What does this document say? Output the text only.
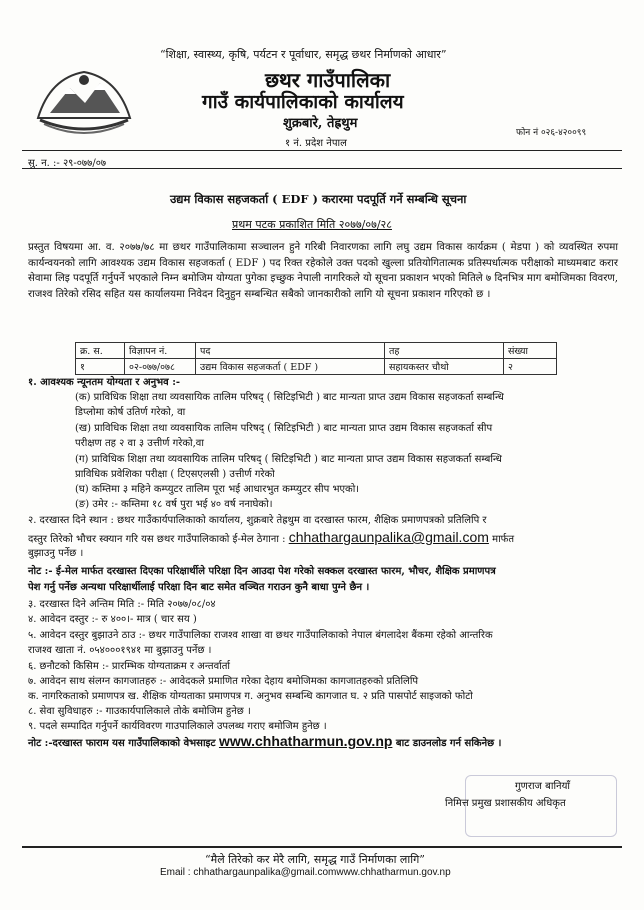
“शिक्षा, स्वास्थ्य, कृषि, पर्यटन र पूर्वाधार, समृद्ध छथर निर्माणको आधार”
छथर गाउँपालिका
गाउँ कार्यपालिकाको कार्यालय
शुक्रबारे, तेह्रथुम
फोन नं ०२६-४२००९९
१ नं. प्रदेश नेपाल
सु. न. :- २९-०७७/०७
उद्यम विकास सहजकर्ता ( EDF ) करारमा पदपूर्ति गर्ने सम्बन्धि सूचना
प्रथम पटक प्रकाशित मिति २०७७/०७/२८
प्रस्तुत विषयमा आ. व. २०७७/७८ मा छथर गाउँपालिकामा सञ्चालन हुने गरिबी निवारणका लागि लघु उद्यम विकास कार्यक्रम ( मेडपा ) को व्यवस्थित रुपमा कार्यन्वयनको लागि आवश्यक उद्यम विकास सहजकर्ता ( EDF ) पद रिक्त रहेकोले उक्त पदको खुल्ला प्रतियोगितात्मक प्रतिस्पर्धात्मक परीक्षाको माध्यमबाट करार सेवामा लिइ पदपूर्ति गर्नुपर्ने भएकाले निम्न बमोजिम योग्यता पुगेका इच्छुक नेपाली नागरिकले यो सूचना प्रकाशन भएको मितिले ७ दिनभित्र माग बमोजिमका विवरण, राजश्व तिरेको रसिद सहित यस कार्यालयमा निवेदन दिनुहुन सम्बन्धित सबैको जानकारीको लागि यो सूचना प्रकाशन गरिएको छ ।
क्र. स.	विज्ञापन नं.	पद	तह	संख्या
१	०२-०७७/०७८	उद्यम विकास सहजकर्ता ( EDF )	सहायकस्तर चौथो	२
१. आवश्यक न्यूनतम योग्यता र अनुभव :-
(क) प्राविधिक शिक्षा तथा व्यवसायिक तालिम परिषद् ( सिटिइभिटी ) बाट मान्यता प्राप्त उद्यम विकास सहजकर्ता सम्बन्धि
डिप्लोमा कोर्ष उतिर्ण गरेको, वा
(ख) प्राविधिक शिक्षा तथा व्यवसायिक तालिम परिषद् ( सिटिइभिटी ) बाट मान्यता प्राप्त उद्यम विकास सहजकर्ता सीप
परीक्षण तह २ वा ३ उत्तीर्ण गरेको,वा
(ग) प्राविधिक शिक्षा तथा व्यवसायिक तालिम परिषद् ( सिटिइभिटी ) बाट मान्यता प्राप्त उद्यम विकास सहजकर्ता सम्बन्धि
प्राविधिक प्रवेशिका परीक्षा ( टिएसएलसी ) उत्तीर्ण गरेको
(घ) कम्तिमा ३ महिने कम्प्युटर तालिम पूरा भई आधारभुत कम्प्युटर सीप भएको।
(ङ) उमेर :- कम्तिमा १८ वर्ष पुरा भई ४० वर्ष ननाघेको।
२. दरखास्त दिने स्थान : छथर गाउँकार्यपालिकाको कार्यालय, शुक्रबारे तेह्रथुम वा दरखास्त फारम, शैक्षिक प्रमाणपत्रको प्रतिलिपि र
दस्तुर तिरेको भौचर स्क्यान गरि यस छथर गाउँपालिकाको ई-मेल ठेगाना : chhathargaunpalika@gmail.com मार्फत
बुझाउनु पर्नेछ ।
नोट :- ई-मेल मार्फत दरखास्त दिएका परिक्षार्थीले परिक्षा दिन आउदा पेश गरेको सक्कल दरखास्त फारम, भौचर, शैक्षिक प्रमाणपत्र
पेश गर्नु पर्नेछ अन्यथा परिक्षार्थीलाई परिक्षा दिन बाट समेत वञ्चित गराउन कुनै बाधा पुग्ने छैन ।
३. दरखास्त दिने अन्तिम मिति :- मिति २०७७/०८/०४
४. आवेदन दस्तुर :- रु ४००।- मात्र ( चार सय )
५. आवेदन दस्तुर बुझाउने ठाउ :- छथर गाउँपालिका राजश्व शाखा वा छथर गाउँपालिकाको नेपाल बंगलादेश बैंकमा रहेको आन्तरिक
राजश्व खाता नं. ०५४०००१९४१ मा बुझाउनु पर्नेछ ।
६. छनौटको किसिम :- प्रारम्भिक योग्यताक्रम र अन्तर्वार्ता
७. आवेदन साथ संलग्न कागजातहरु :- आवेदकले प्रमाणित गरेका देहाय बमोजिमका कागजातहरुको प्रतिलिपि
क. नागरिकताको प्रमाणपत्र ख. शैक्षिक योग्यताका प्रमाणपत्र ग. अनुभव सम्बन्धि कागजात घ. २ प्रति पासपोर्ट साइजको फोटो
८. सेवा सुविधाहरु :- गाउकार्यपालिकाले तोके बमोजिम हुनेछ ।
९. पदले सम्पादित गर्नुपर्ने कार्यविवरण गाउपालिकाले उपलब्ध गराए बमोजिम हुनेछ ।
नोट :-दरखास्त फाराम यस गाउँपालिकाको वेभसाइट www.chhatharmun.gov.np बाट डाउनलोड गर्न सकिनेछ ।
गुणराज बानियाँ
निमित्त प्रमुख प्रशासकीय अधिकृत
“मैले तिरेको कर मेरै लागि, समृद्ध गाउँ निर्माणका लागि”
Email : chhathargaunpalika@gmail.comwww.chhatharmun.gov.np
